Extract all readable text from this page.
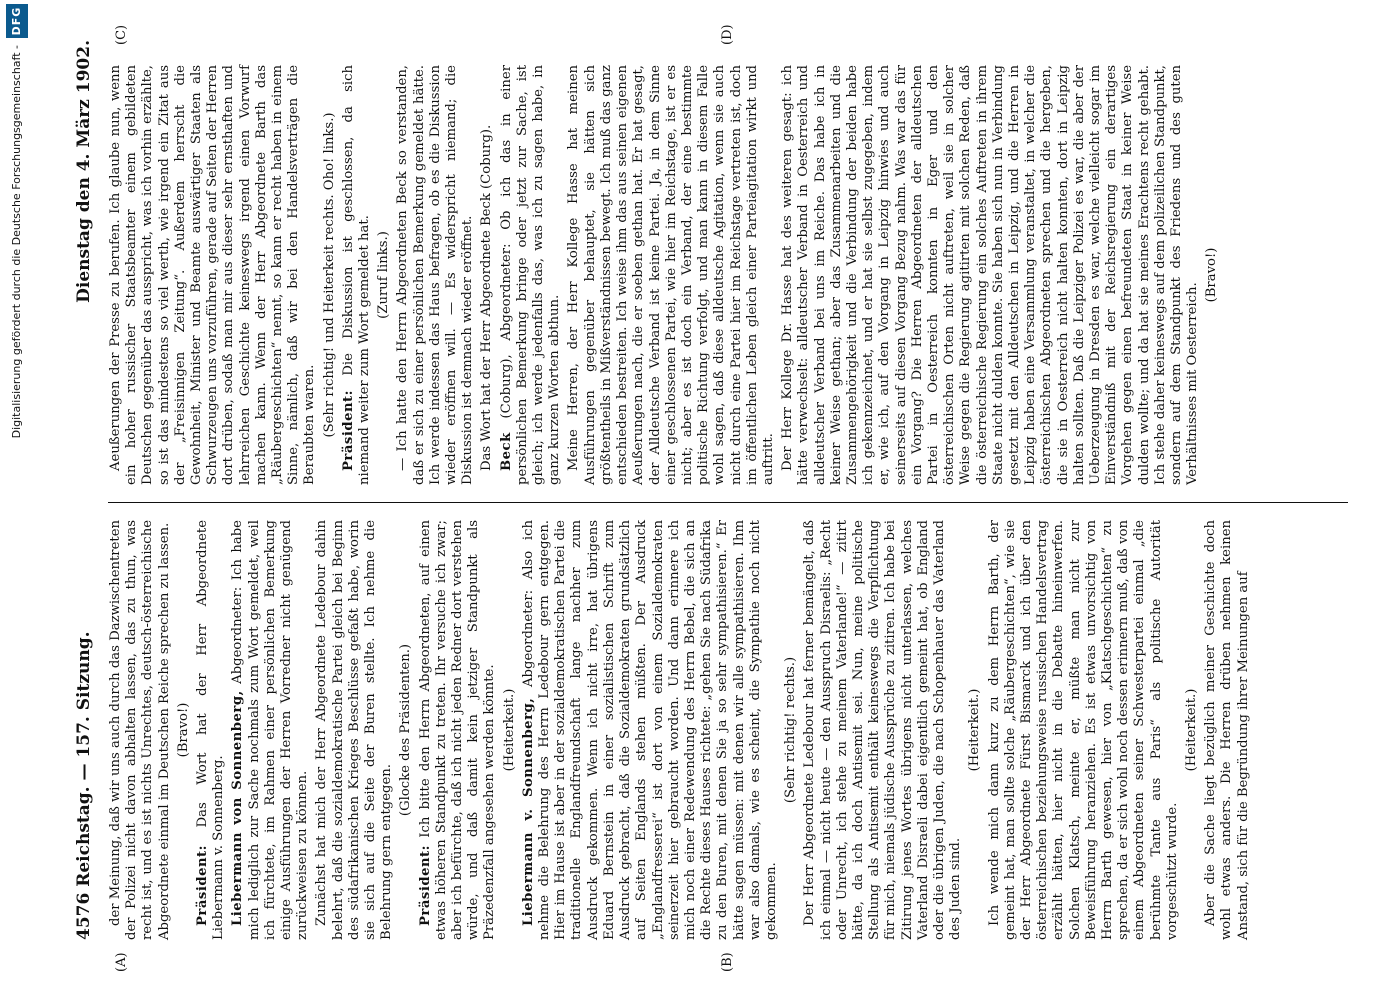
Digitalisierung gefördert durch die Deutsche Forschungsgemeinschaft -
DFG
4576 Reichstag. — 157. Sitzung.
Dienstag den 4. März 1902.
(A)	(B)
(C)	(D)

der Meinung, daß wir uns auch durch das Dazwischentreten der Polizei nicht davon abhalten lassen, das zu thun, was recht ist, und es ist nichts Unrechtes, deutsch-österreichische Abgeordnete einmal im Deutschen Reiche sprechen zu lassen. (Bravo!)

Präsident: Das Wort hat der Herr Abgeordnete Liebermann v. Sonnenberg. Liebermann von Sonnenberg, Abgeordneter: Ich habe mich lediglich zur Sache nochmals zum Wort gemeldet, weil ich fürchtete, im Rahmen einer persönlichen Bemerkung einige Ausführungen der Herren Vorredner nicht genügend zurückweisen zu können. Zunächst hat mich der Herr Abgeordnete Ledebour dahin belehrt, daß die sozialdemokratische Partei gleich bei Beginn des südafrikanischen Krieges Beschlüsse gefaßt habe, worin sie sich auf die Seite der Buren stellte. Ich nehme die Belehrung gern entgegen.

(Glocke des Präsidenten.)

Präsident: Ich bitte den Herrn Abgeordneten, auf einen etwas höheren Standpunkt zu treten. Ihr versuche ich zwar; aber ich befürchte, daß ich nicht jeden Redner dort verstehen würde, und daß damit kein jetziger Standpunkt als Präzedenzfall angesehen werden könnte. (Heiterkeit.) Liebermann v. Sonnenberg, Abgeordneter: Also ich nehme die Belehrung des Herrn Ledebour gern entgegen. Hier im Hause ist aber in der sozialdemokratischen Partei die traditionelle Englandfreundschaft lange nachher zum Ausdruck gekommen. Wenn ich nicht irre, hat übrigens Eduard Bernstein in einer sozialistischen Schrift zum Ausdruck gebracht, daß die Sozialdemokraten grundsätzlich auf Seiten Englands stehen müßten. Der Ausdruck „Englandfresserei“ ist dort von einem Sozialdemokraten seinerzeit hier gebraucht worden. Und dann erinnere ich mich noch einer Redewendung des Herrn Bebel, die sich an die Rechte dieses Hauses richtete: „gehen Sie nach Südafrika zu den Buren, mit denen Sie ja so sehr sympathisieren.“ Er hätte sagen müssen: mit denen wir alle sympathisieren. Ihm war also damals, wie es scheint, die Sympathie noch nicht gekommen.

(Sehr richtig! rechts.) Der Herr Abgeordnete Ledebour hat ferner bemängelt, daß ich einmal — nicht heute — den Ausspruch Disraelis: „Recht oder Unrecht, ich stehe zu meinem Vaterlande!“ — zitirt hätte, da ich doch Antisemit sei. Nun, meine politische Stellung als Antisemit enthält keineswegs die Verpflichtung für mich, niemals jüdische Aussprüche zu zitiren. Ich habe bei Zitirung jenes Wortes übrigens nicht unterlassen, welches Vaterland Disraeli dabei eigentlich gemeint hat, ob England oder die übrigen Juden, die nach Schopenhauer das Vaterland des Juden sind.

(Heiterkeit.) Ich wende mich dann kurz zu dem Herrn Barth, der gemeint hat, man sollte solche „Räubergeschichten“, wie sie der Herr Abgeordnete Fürst Bismarck und ich über den österreichischen beziehungsweise russischen Handelsvertrag erzählt hätten, hier nicht in die Debatte hineinwerfen. Solchen Klatsch, meinte er, müßte man nicht zur Beweisführung heranziehen. Es ist etwas unvorsichtig von Herrn Barth gewesen, hier von „Klatschgeschichten“ zu sprechen, da er sich wohl noch dessen erinnern muß, daß von einem Abgeordneten seiner Schwesterpartei einmal „die berühmte Tante aus Paris“ als politische Autorität vorgeschützt wurde.

(Heiterkeit.) Aber die Sache liegt bezüglich meiner Geschichte doch wohl etwas anders. Die Herren drüben nehmen keinen Anstand, sich für die Begründung ihrer Meinungen auf

Aeußerungen der Presse zu berufen. Ich glaube nun, wenn ein hoher russischer Staatsbeamter einem gebildeten Deutschen gegenüber das ausspricht, was ich vorhin erzählte, so ist das mindestens so viel werth, wie irgend ein Zitat aus der „Freisinnigen Zeitung“. Außerdem herrscht die Gewohnheit, Minister und Beamte auswärtiger Staaten als Schwurzeugen uns vorzuführen, gerade auf Seiten der Herren dort drüben, sodaß man mir aus dieser sehr ernsthaften und lehrreichen Geschichte keineswegs irgend einen Vorwurf machen kann. Wenn der Herr Abgeordnete Barth das „Räubergeschichten“ nennt, so kann er recht haben in einem Sinne, nämlich, daß wir bei den Handelsverträgen die Beraubten waren. (Sehr richtig! und Heiterkeit rechts. Oho! links.) Präsident: Die Diskussion ist geschlossen, da sich niemand weiter zum Wort gemeldet hat. (Zuruf links.) — Ich hatte den Herrn Abgeordneten Beck so verstanden, daß er sich zu einer persönlichen Bemerkung gemeldet hätte. Ich werde indessen das Haus befragen, ob es die Diskussion wieder eröffnen will. — Es widerspricht niemand; die Diskussion ist demnach wieder eröffnet. Das Wort hat der Herr Abgeordnete Beck (Coburg). Beck (Coburg), Abgeordneter: Ob ich das in einer persönlichen Bemerkung bringe oder jetzt zur Sache, ist gleich; ich werde jedenfalls das, was ich zu sagen habe, in ganz kurzen Worten abthun. Meine Herren, der Herr Kollege Hasse hat meinen Ausführungen gegenüber behauptet, sie hätten sich größtentheils in Mißverständnissen bewegt. Ich muß das ganz entschieden bestreiten. Ich weise ihm das aus seinen eigenen Aeußerungen nach, die er soeben gethan hat. Er hat gesagt, der Alldeutsche Verband ist keine Partei. Ja, in dem Sinne einer geschlossenen Partei, wie hier im Reichstage, ist er es nicht; aber es ist doch ein Verband, der eine bestimmte politische Richtung verfolgt, und man kann in diesem Falle wohl sagen, daß diese alldeutsche Agitation, wenn sie auch nicht durch eine Partei hier im Reichstage vertreten ist, doch im öffentlichen Leben gleich einer Parteiagitation wirkt und auftritt. Der Herr Kollege Dr. Hasse hat des weiteren gesagt: ich hätte verwechselt: alldeutscher Verband in Oesterreich und alldeutscher Verband bei uns im Reiche. Das habe ich in keiner Weise gethan; aber das Zusammenarbeiten und die Zusammengehörigkeit und die Verbindung der beiden habe ich gekennzeichnet, und er hat sie selbst zugegeben, indem er, wie ich, auf den Vorgang in Leipzig hinwies und auch seinerseits auf diesen Vorgang Bezug nahm. Was war das für ein Vorgang? Die Herren Abgeordneten der alldeutschen Partei in Oesterreich konnten in Eger und den österreichischen Orten nicht auftreten, weil sie in solcher Weise gegen die Regierung agitirten mit solchen Reden, daß die österreichische Regierung ein solches Auftreten in ihrem Staate nicht dulden konnte. Sie haben sich nun in Verbindung gesetzt mit den Alldeutschen in Leipzig, und die Herren in Leipzig haben eine Versammlung veranstaltet, in welcher die österreichischen Abgeordneten sprechen und die hergeben, die sie in Oesterreich nicht halten konnten, dort in Leipzig halten sollten. Daß die Leipziger Polizei es war, die aber der Ueberzeugung in Dresden es war, welche vielleicht sogar im Einverständniß mit der Reichsregierung ein derartiges Vorgehen gegen einen befreundeten Staat in keiner Weise dulden wollte; und da hat sie meines Erachtens recht gehabt. Ich stehe daher keineswegs auf dem polizeilichen Standpunkt, sondern auf dem Standpunkt des Friedens und des guten Verhältnisses mit Oesterreich.

(Bravo!)
